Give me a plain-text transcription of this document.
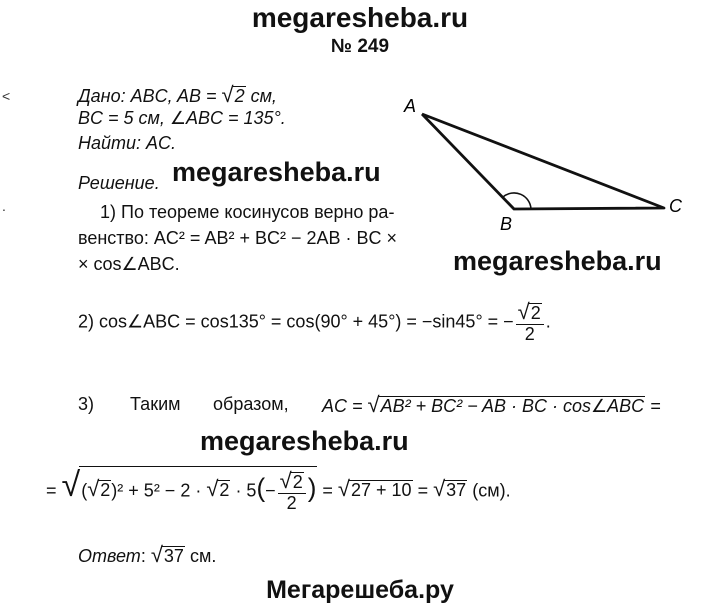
megaresheba.ru
№ 249
<
.
Дано: ABC, AB = √2 см,
BC = 5 см, ∠ABC = 135°.
Найти: AC.
Решение. megaresheba.ru
1) По теореме косинусов верно ра-
венство: AC² = AB² + BC² − 2AB · BC ×
× cos∠ABC.
A
B
C
megaresheba.ru
2) cos∠ABC = cos135° = cos(90° + 45°) = −sin45° = − $\frac{√2}{2}$ .
3) Таким образом, AC = √AB² + BC² − AB · BC · cos∠ABC =
megaresheba.ru
= $√(√2)^2 + 5^2 - 2 \cdot √2 \cdot 5(- \frac{√2}{2}$ ) = √27 + 10 = √37 (см).
Ответ: √37 см.
Мегарешеба.ру
